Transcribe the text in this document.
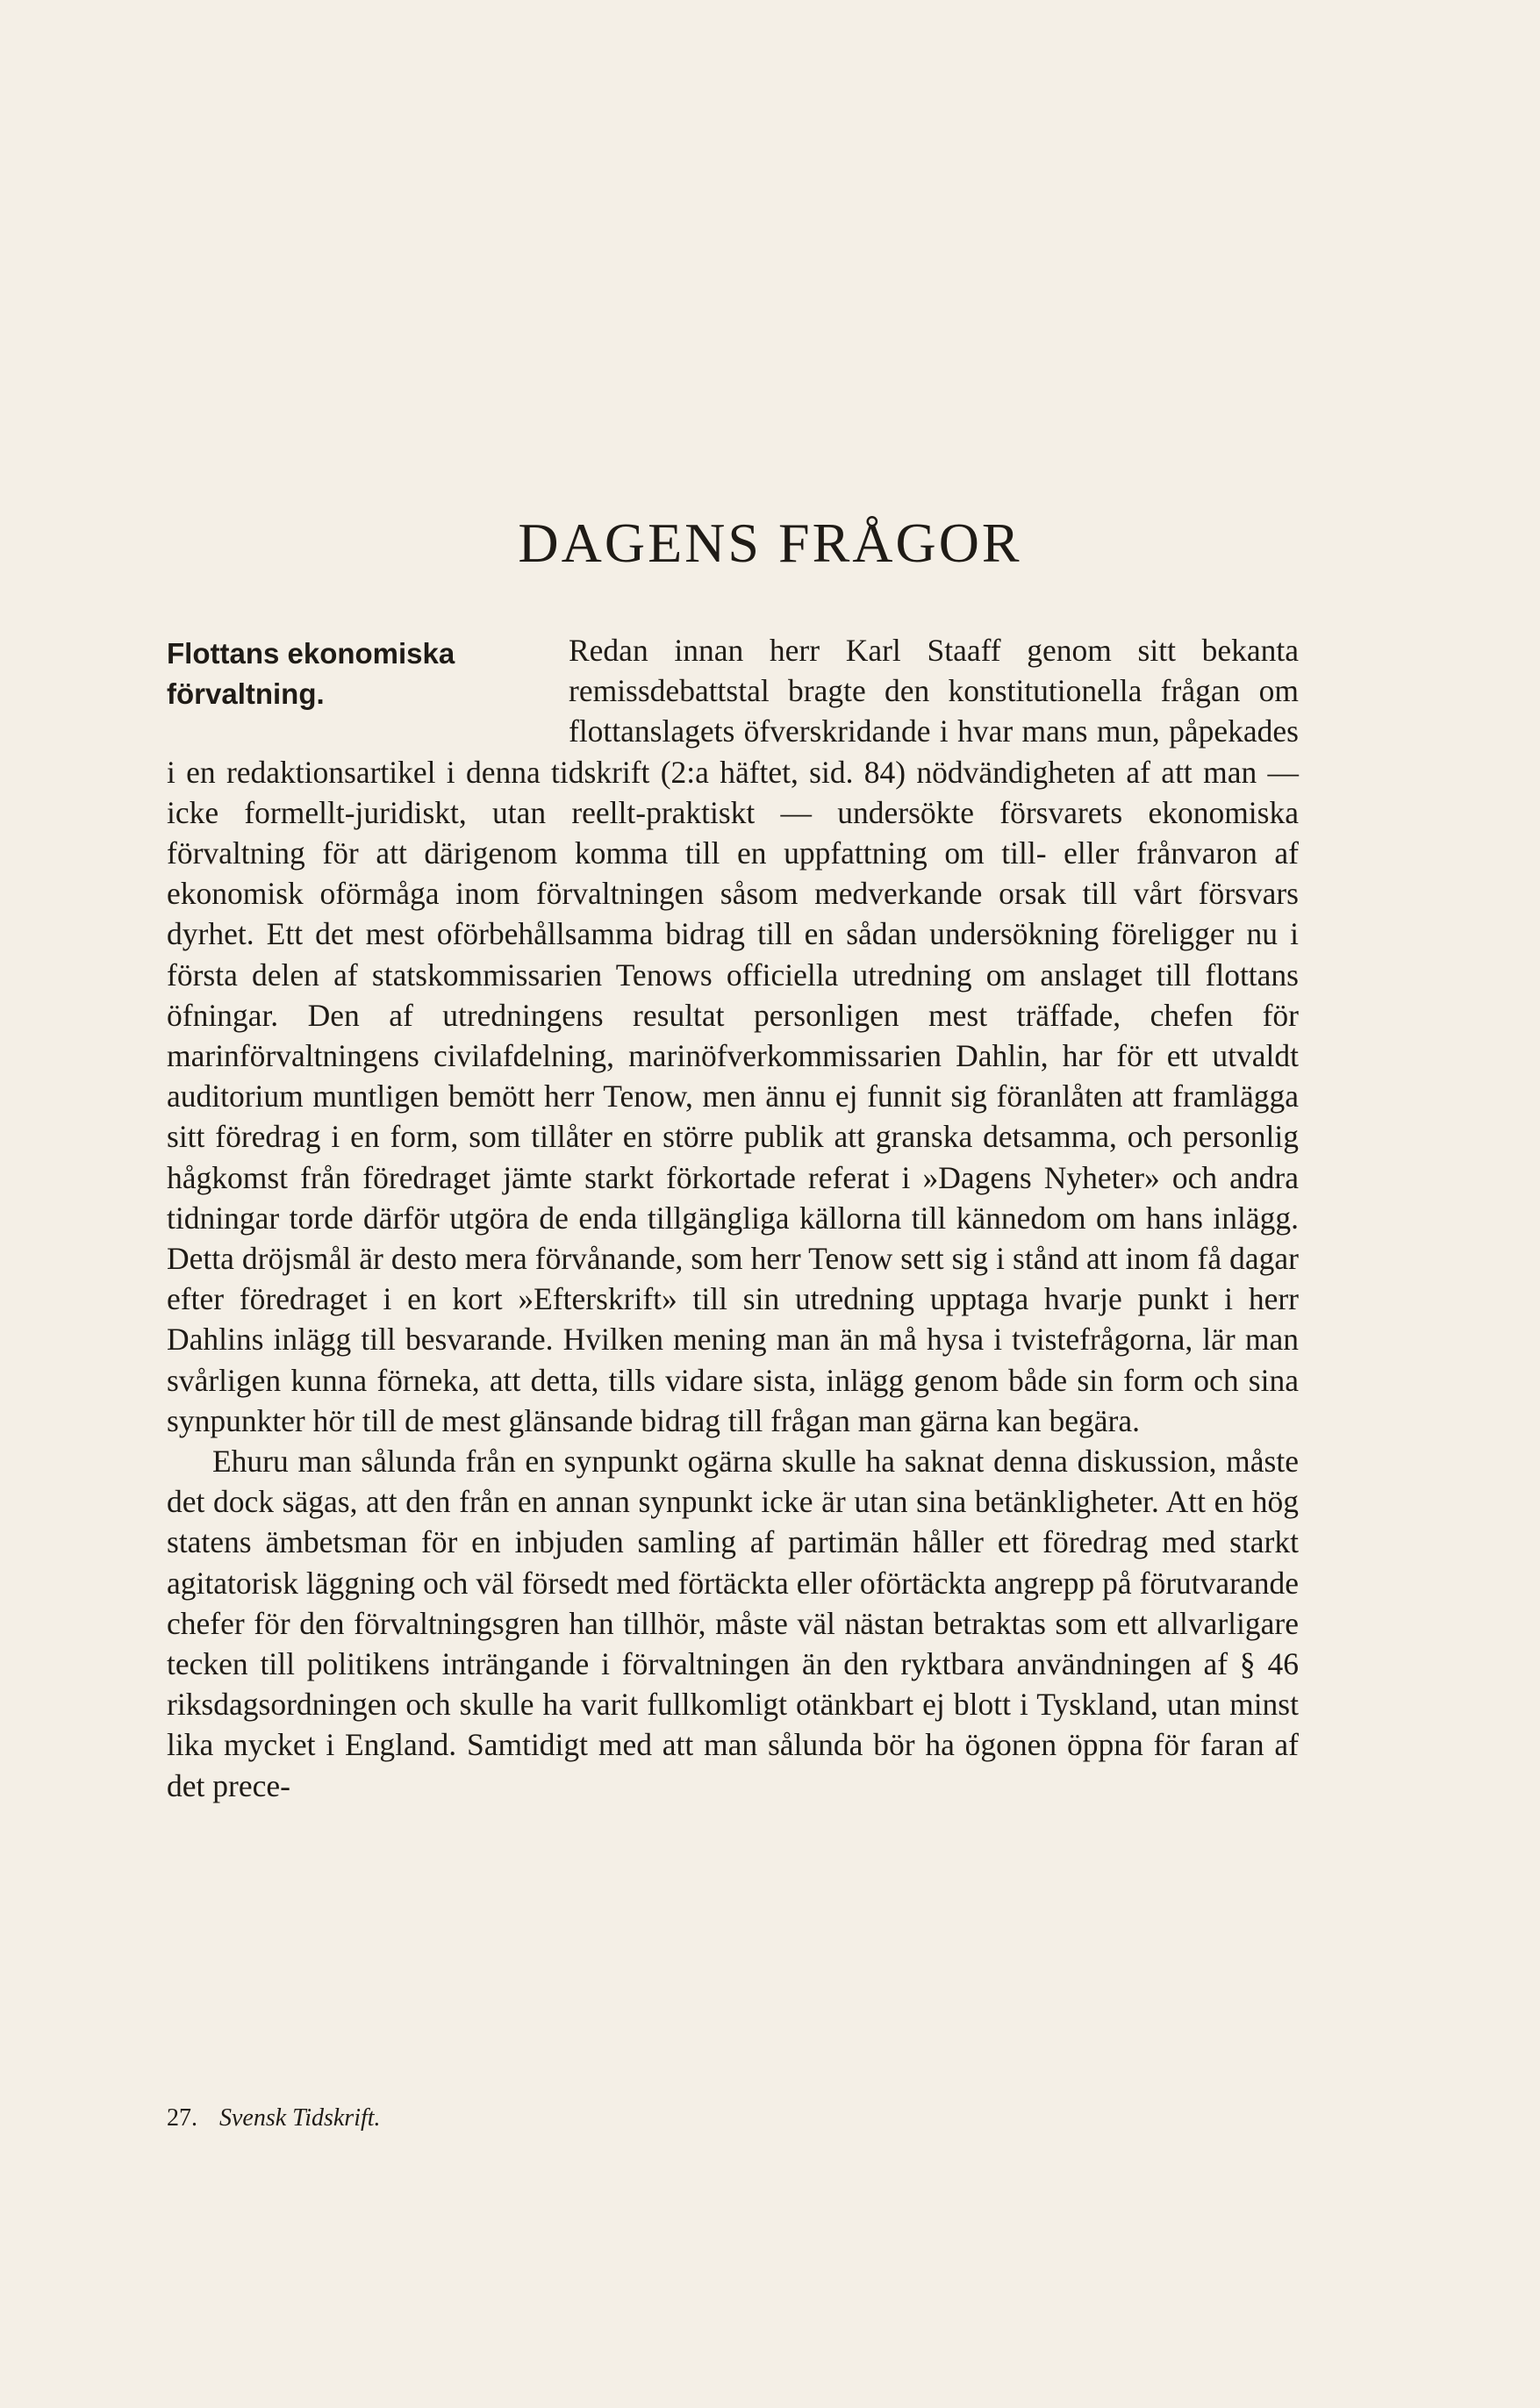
DAGENS FRÅGOR
Flottans ekonomiska
förvaltning.

Redan innan herr Karl Staaff genom sitt bekanta remissdebattstal bragte den konstitutionella frågan om flottanslagets öfverskridande i hvar mans mun, påpekades i en redaktionsartikel i denna tidskrift (2:a häftet, sid. 84) nödvändigheten af att man — icke formellt-juridiskt, utan reellt-praktiskt — undersökte försvarets ekonomiska förvaltning för att därigenom komma till en uppfattning om till- eller frånvaron af ekonomisk oförmåga inom förvaltningen såsom medverkande orsak till vårt försvars dyrhet. Ett det mest oförbehållsamma bidrag till en sådan undersökning föreligger nu i första delen af statskommissarien Tenows officiella utredning om anslaget till flottans öfningar. Den af utredningens resultat personligen mest träffade, chefen för marinförvaltningens civilafdelning, marinöfverkommissarien Dahlin, har för ett utvaldt auditorium muntligen bemött herr Tenow, men ännu ej funnit sig föranlåten att framlägga sitt föredrag i en form, som tillåter en större publik att granska detsamma, och personlig hågkomst från föredraget jämte starkt förkortade referat i »Dagens Nyheter» och andra tidningar torde därför utgöra de enda tillgängliga källorna till kännedom om hans inlägg. Detta dröjsmål är desto mera förvånande, som herr Tenow sett sig i stånd att inom få dagar efter föredraget i en kort »Efterskrift» till sin utredning upptaga hvarje punkt i herr Dahlins inlägg till besvarande. Hvilken mening man än må hysa i tvistefrågorna, lär man svårligen kunna förneka, att detta, tills vidare sista, inlägg genom både sin form och sina synpunkter hör till de mest glänsande bidrag till frågan man gärna kan begära.

Ehuru man sålunda från en synpunkt ogärna skulle ha saknat denna diskussion, måste det dock sägas, att den från en annan synpunkt icke är utan sina betänkligheter. Att en hög statens ämbetsman för en inbjuden samling af partimän håller ett föredrag med starkt agitatorisk läggning och väl försedt med förtäckta eller oförtäckta angrepp på förutvarande chefer för den förvaltningsgren han tillhör, måste väl nästan betraktas som ett allvarligare tecken till politikens inträngande i förvaltningen än den ryktbara användningen af § 46 riksdagsordningen och skulle ha varit fullkomligt otänkbart ej blott i Tyskland, utan minst lika mycket i England. Samtidigt med att man sålunda bör ha ögonen öppna för faran af det prece-

27. Svensk Tidskrift.
